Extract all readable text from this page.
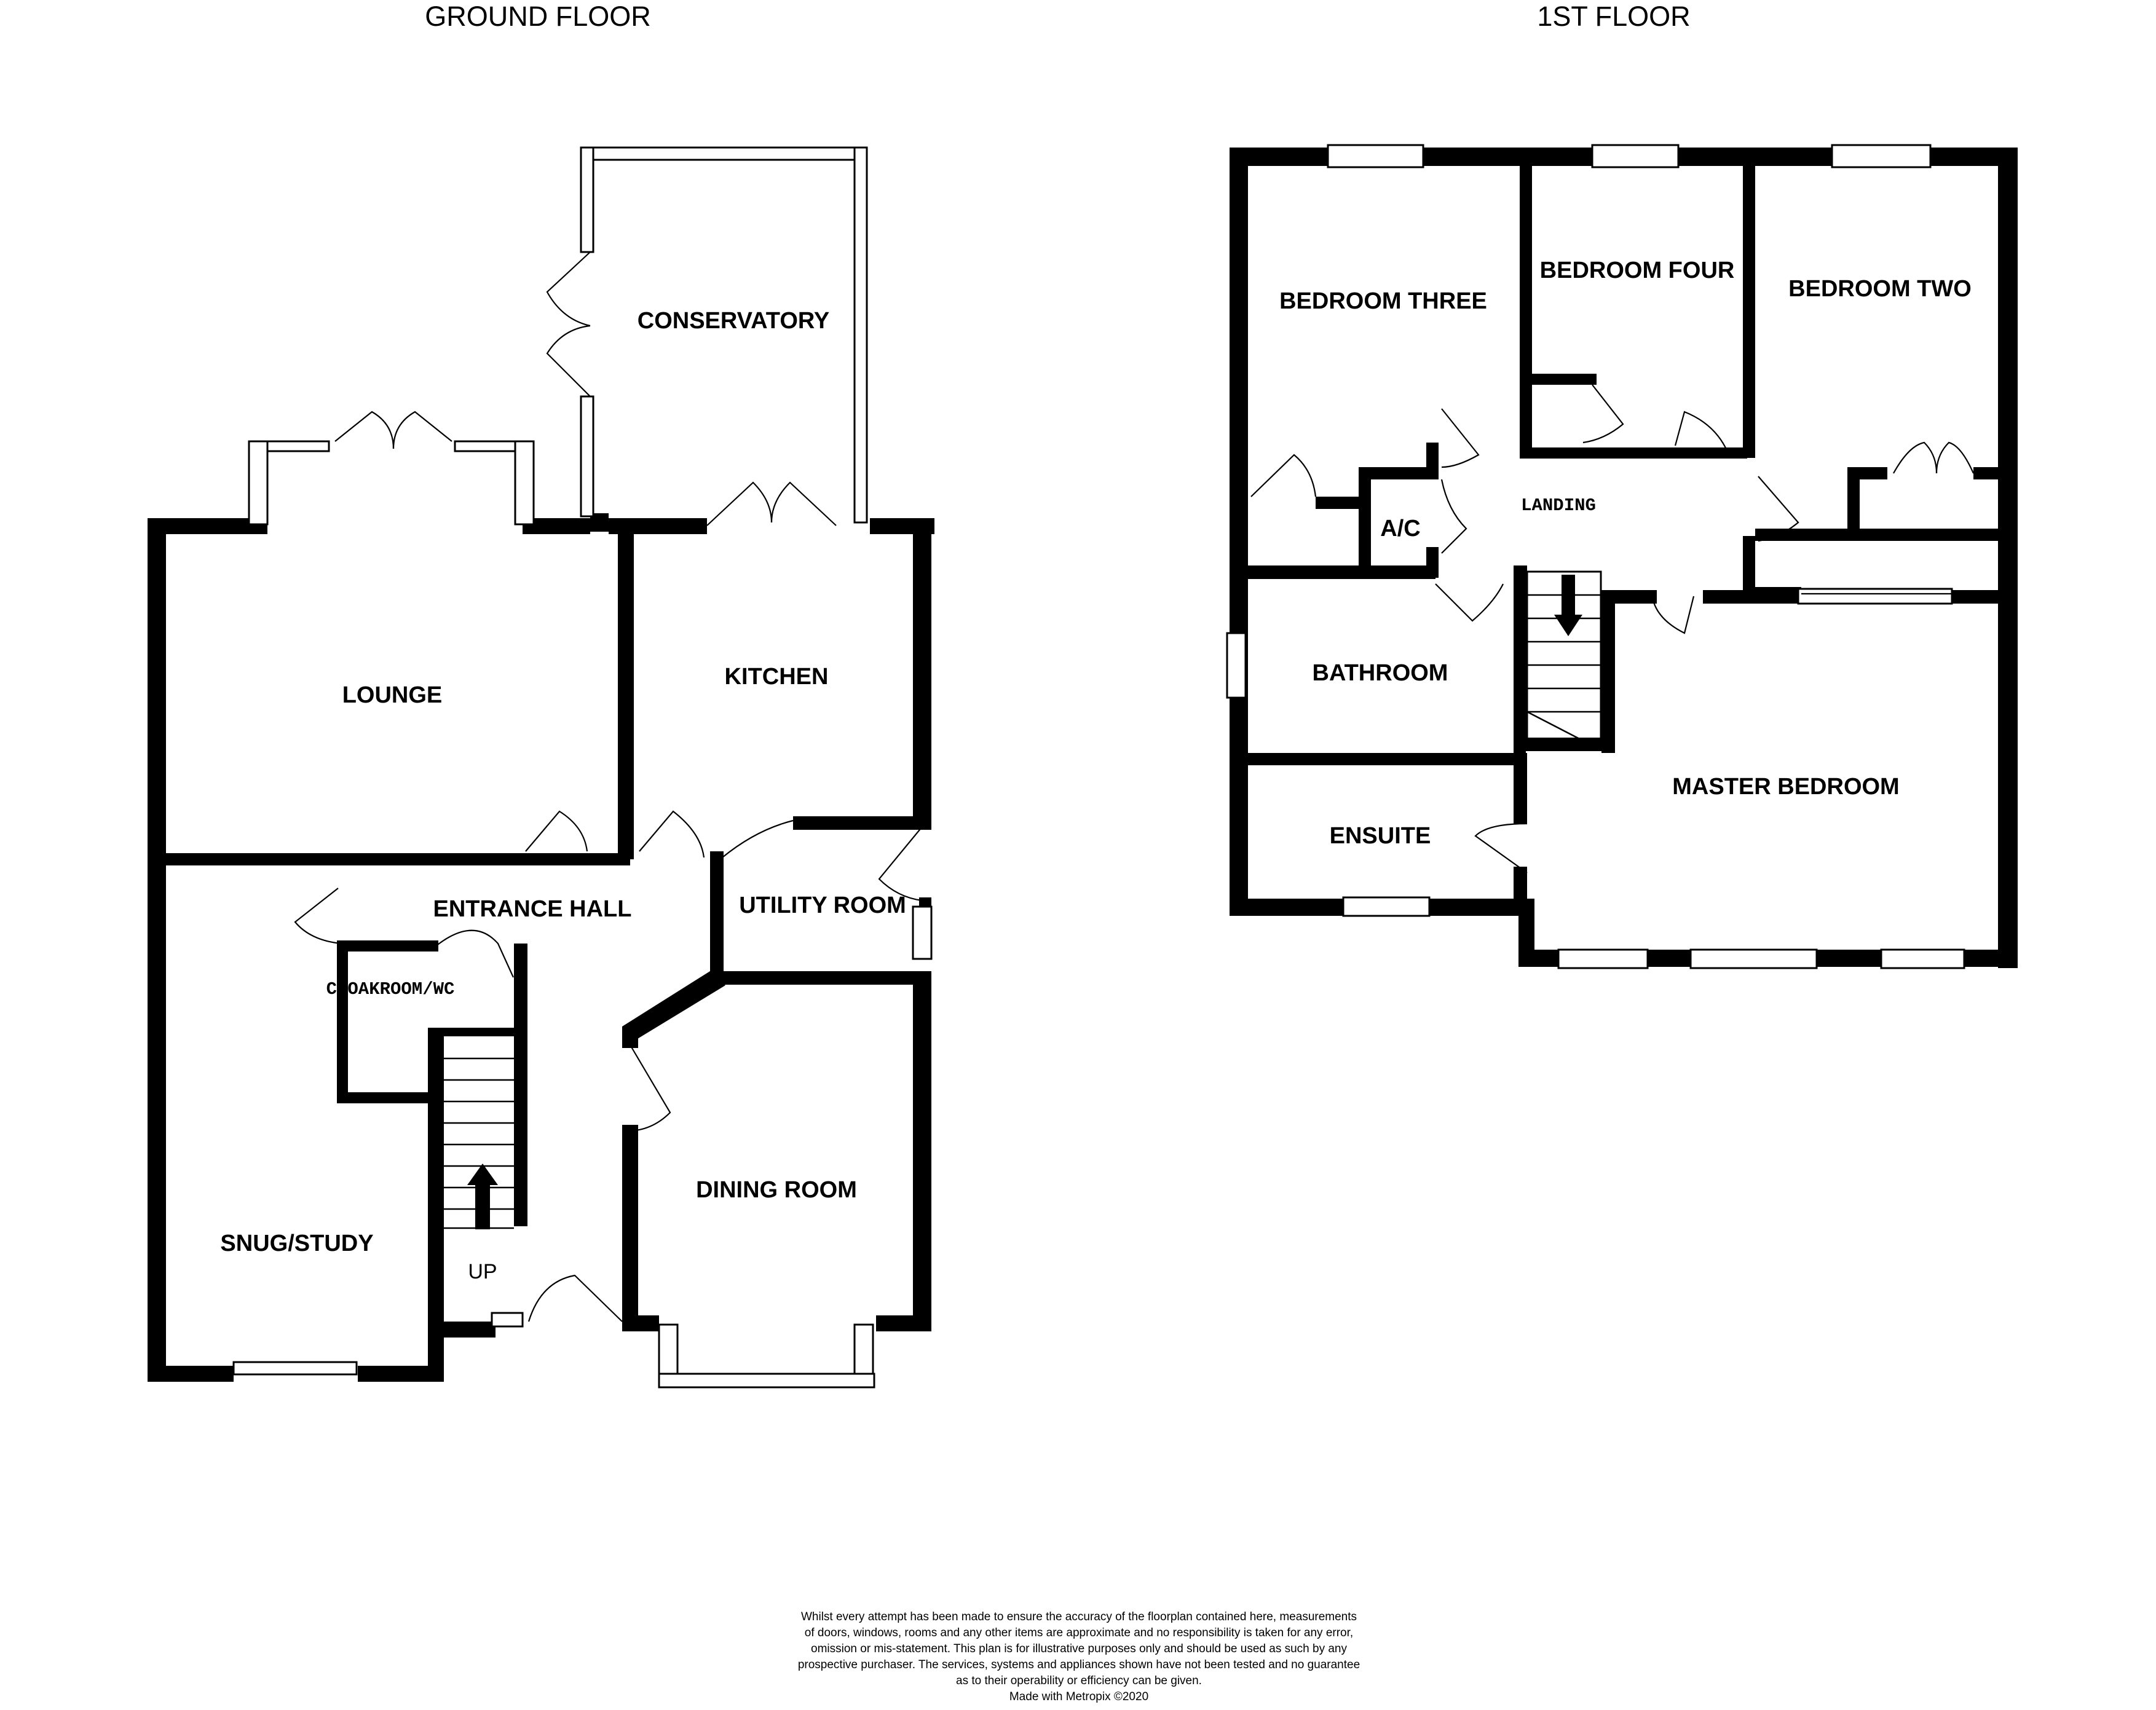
GROUND FLOOR	1ST FLOOR
CONSERVATORY
LOUNGE
KITCHEN
ENTRANCE HALL	UTILITY ROOM
CLOAKROOM/WC
DINING ROOM
SNUG/STUDY
UP
BEDROOM THREE
BEDROOM FOUR
BEDROOM TWO
A/C
LANDING
BATHROOM
MASTER BEDROOM
ENSUITE
Whilst every attempt has been made to ensure the accuracy of the floorplan contained here, measurements
of doors, windows, rooms and any other items are approximate and no responsibility is taken for any error,
omission or mis-statement. This plan is for illustrative purposes only and should be used as such by any
prospective purchaser. The services, systems and appliances shown have not been tested and no guarantee
as to their operability or efficiency can be given.
Made with Metropix ©2020
